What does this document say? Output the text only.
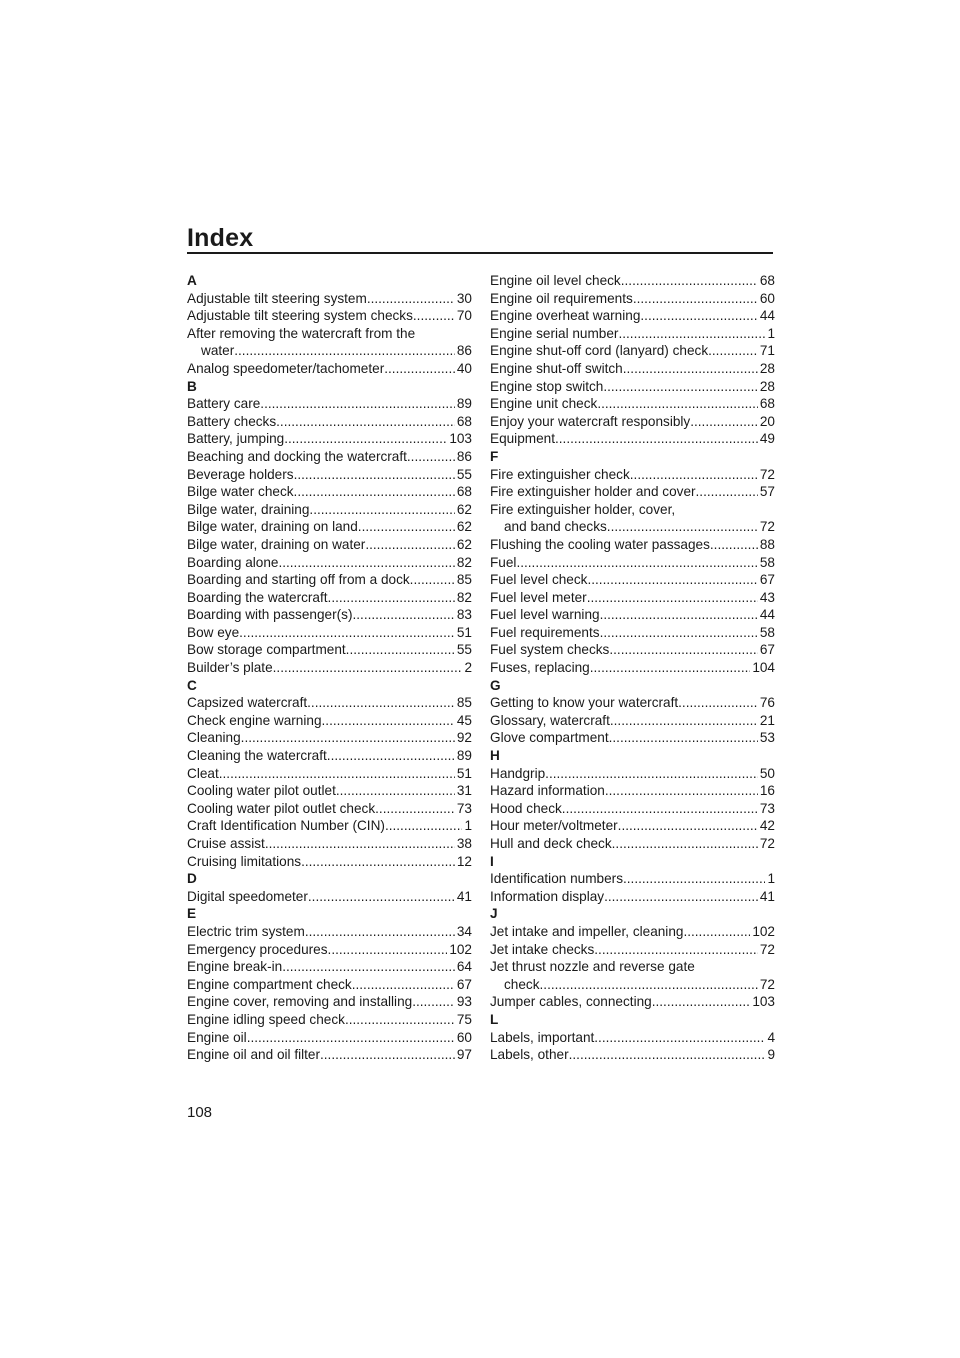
Index
A
Adjustable tilt steering system .....	30
Adjustable tilt steering system checks .....	70
After removing the watercraft from the
water .....	86
Analog speedometer/tachometer .....	40
B
Battery care .....	89
Battery checks .....	68
Battery, jumping .....	103
Beaching and docking the watercraft .....	86
Beverage holders .....	55
Bilge water check .....	68
Bilge water, draining .....	62
Bilge water, draining on land .....	62
Bilge water, draining on water .....	62
Boarding alone .....	82
Boarding and starting off from a dock .....	85
Boarding the watercraft .....	82
Boarding with passenger(s) .....	83
Bow eye .....	51
Bow storage compartment .....	55
Builder’s plate .....	2
C
Capsized watercraft .....	85
Check engine warning .....	45
Cleaning .....	92
Cleaning the watercraft .....	89
Cleat .....	51
Cooling water pilot outlet .....	31
Cooling water pilot outlet check .....	73
Craft Identification Number (CIN) .....	1
Cruise assist .....	38
Cruising limitations .....	12
D
Digital speedometer .....	41
E
Electric trim system .....	34
Emergency procedures .....	102
Engine break-in .....	64
Engine compartment check .....	67
Engine cover, removing and installing .....	93
Engine idling speed check .....	75
Engine oil .....	60
Engine oil and oil filter .....	97
Engine oil level check .....	68
Engine oil requirements .....	60
Engine overheat warning .....	44
Engine serial number .....	1
Engine shut-off cord (lanyard) check .....	71
Engine shut-off switch .....	28
Engine stop switch .....	28
Engine unit check .....	68
Enjoy your watercraft responsibly .....	20
Equipment .....	49
F
Fire extinguisher check .....	72
Fire extinguisher holder and cover .....	57
Fire extinguisher holder, cover,
and band checks .....	72
Flushing the cooling water passages .....	88
Fuel .....	58
Fuel level check .....	67
Fuel level meter .....	43
Fuel level warning .....	44
Fuel requirements .....	58
Fuel system checks .....	67
Fuses, replacing .....	104
G
Getting to know your watercraft .....	76
Glossary, watercraft .....	21
Glove compartment .....	53
H
Handgrip .....	50
Hazard information .....	16
Hood check .....	73
Hour meter/voltmeter .....	42
Hull and deck check .....	72
I
Identification numbers .....	1
Information display .....	41
J
Jet intake and impeller, cleaning .....	102
Jet intake checks .....	72
Jet thrust nozzle and reverse gate
check .....	72
Jumper cables, connecting .....	103
L
Labels, important .....	4
Labels, other .....	9

108
